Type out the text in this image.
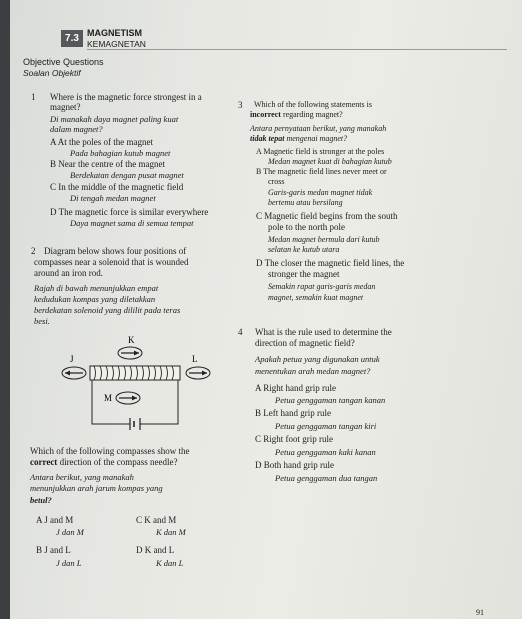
7.3 MAGNETISM
KEMAGNETAN
Objective Questions
Soalan Objektif
1 Where is the magnetic force strongest in a
magnet?
Di manakah daya magnet paling kuat
dalam magnet?
A At the poles of the magnet
Pada bahagian kutub magnet
B Near the centre of the magnet
Berdekatan dengan pusat magnet
C In the middle of the magnetic field
Di tengah medan magnet
D The magnetic force is similar everywhere
Daya magnet sama di semua tempat
2 Diagram below shows four positions of
compasses near a solenoid that is wounded
around an iron rod.
Rajah di bawah menunjukkan empat
kedudukan kompas yang diletakkan
berdekatan solenoid yang dililit pada teras
besi.
K
J	L
M
Which of the following compasses show the
correct direction of the compass needle?
Antara berikut, yang manakah
menunjukkan arah jarum kompas yang
betul?
A J and M
J dan M
B J and L
J dan L
C K and M
K dan M
D K and L
K dan L
3 Which of the following statements is
incorrect regarding magnet?
Antara pernyataan berikut, yang manakah
tidak tepat mengenai magnet?
A Magnetic field is stronger at the poles
Medan magnet kuat di bahagian kutub
B The magnetic field lines never meet or
cross
Garis-garis medan magnet tidak
bertemu atau bersilang
C Magnetic field begins from the south
pole to the north pole
Medan magnet bermula dari kutub
selatan ke kutub utara
D The closer the magnetic field lines, the
stronger the magnet
Semakin rapat garis-garis medan
magnet, semakin kuat magnet
4 What is the rule used to determine the
direction of magnetic field?
Apakah petua yang digunakan untuk
menentukan arah medan magnet?
A Right hand grip rule
Petua genggaman tangan kanan
B Left hand grip rule
Petua genggaman tangan kiri
C Right foot grip rule
Petua genggaman kaki kanan
D Both hand grip rule
Petua genggaman dua tangan
91
